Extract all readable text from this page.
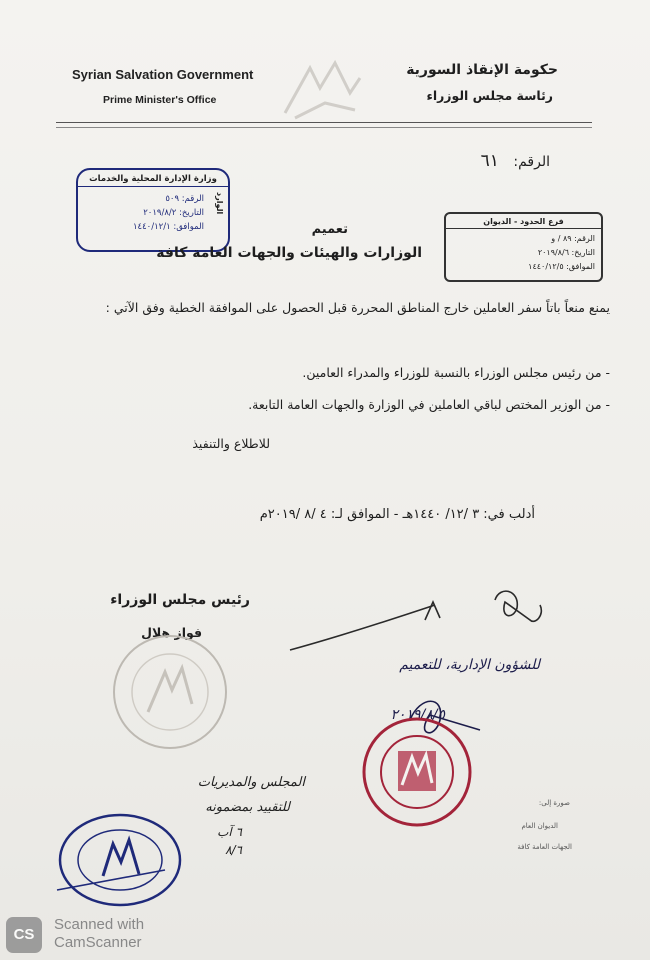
Syrian Salvation Government
Prime Minister's Office
حكومة الإنقاذ السورية
رئاسة مجلس الوزراء
الرقم: ٦١
وزارة الإدارة المحلية والخدمات
الوارد
الرقم: ٥٠٩
التاريخ: ٢٠١٩/٨/٢
الموافق: ١٤٤٠/١٢/١
فرع الحدود - الديوان
الرقم: ٨٩ / و
التاريخ: ٢٠١٩/٨/٦
الموافق: ١٤٤٠/١٢/٥
تعميم
الوزارات والهيئات والجهات العامة كافة
يمنع منعاً باتاً سفر العاملين خارج المناطق المحررة قبل الحصول على الموافقة الخطية وفق الآتي :
- من رئيس مجلس الوزراء بالنسبة للوزراء والمدراء العامين.
- من الوزير المختص لباقي العاملين في الوزارة والجهات العامة التابعة.
للاطلاع والتنفيذ
أدلب في: ٣ /١٢/ ١٤٤٠هـ - الموافق لـ: ٤ /٨ /٢٠١٩م
رئيس مجلس الوزراء
فواز هلال
للشؤون الإدارية، للتعميم
٢٠١٩/٨/٥
المجلس والمديريات
للتقييد بمضمونه
٦ آب
٨/٦
صورة إلى:
الديوان العام
الجهات العامة كافة
CS
Scanned with
CamScanner
